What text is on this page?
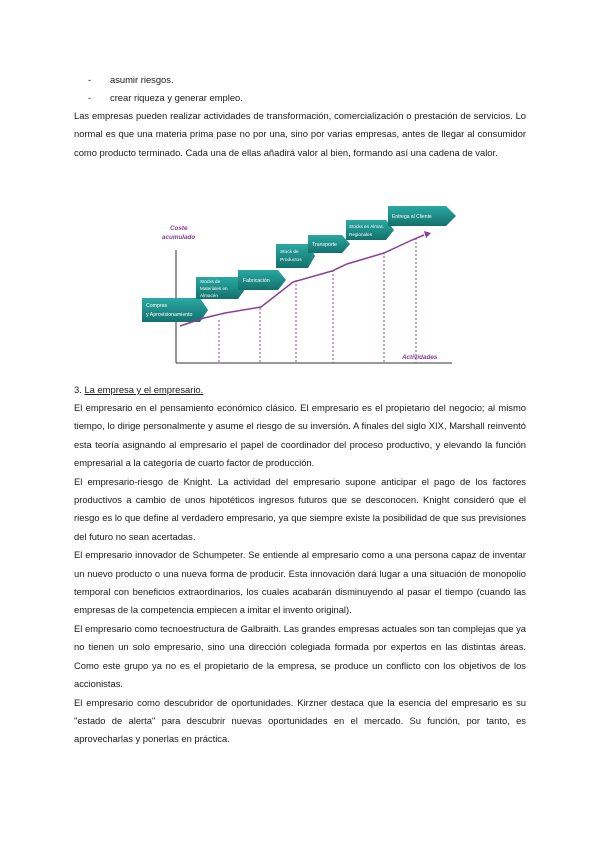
-	asumir riesgos.
-	crear riqueza y generar empleo.
Las empresas pueden realizar actividades de transformación, comercialización o prestación de servicios. Lo normal es que una materia prima pase no por una, sino por varias empresas, antes de llegar al consumidor como producto terminado. Cada una de ellas añadirá valor al bien, formando así una cadena de valor.
Compras
y Aprovisionamiento
Stocks de
Materiales en
Almacén
Fabricación
Stock de
Productos
Transporte
Stocks en Almac.
Regionales
Entrega al Cliente
Coste
acumulado
Actividades
3. La empresa y el empresario.

El empresario en el pensamiento económico clásico. El empresario es el propietario del negocio; al mismo tiempo, lo dirige personalmente y asume el riesgo de su inversión. A finales del siglo XIX, Marshall reinventó esta teoría asignando al empresario el papel de coordinador del proceso productivo, y elevando la función empresarial a la categoría de cuarto factor de producción.

El empresario-riesgo de Knight. La actividad del empresario supone anticipar el pago de los factores productivos a cambio de unos hipotéticos ingresos futuros que se desconocen. Knight consideró que el riesgo es lo que define al verdadero empresario, ya que siempre existe la posibilidad de que sus previsiones del futuro no sean acertadas.

El empresario innovador de Schumpeter. Se entiende al empresario como a una persona capaz de inventar un nuevo producto o una nueva forma de producir. Esta innovación dará lugar a una situación de monopolio temporal con beneficios extraordinarios, los cuales acabarán disminuyendo al pasar el tiempo (cuando las empresas de la competencia empiecen a imitar el invento original).

El empresario como tecnoestructura de Galbraith. Las grandes empresas actuales son tan complejas que ya no tienen un solo empresario, sino una dirección colegiada formada por expertos en las distintas áreas. Como este grupo ya no es el propietario de la empresa, se produce un conflicto con los objetivos de los accionistas.

El empresario como descubridor de oportunidades. Kirzner destaca que la esencia del empresario es su "estado de alerta" para descubrir nuevas oportunidades en el mercado. Su función, por tanto, es aprovecharlas y ponerlas en práctica.
